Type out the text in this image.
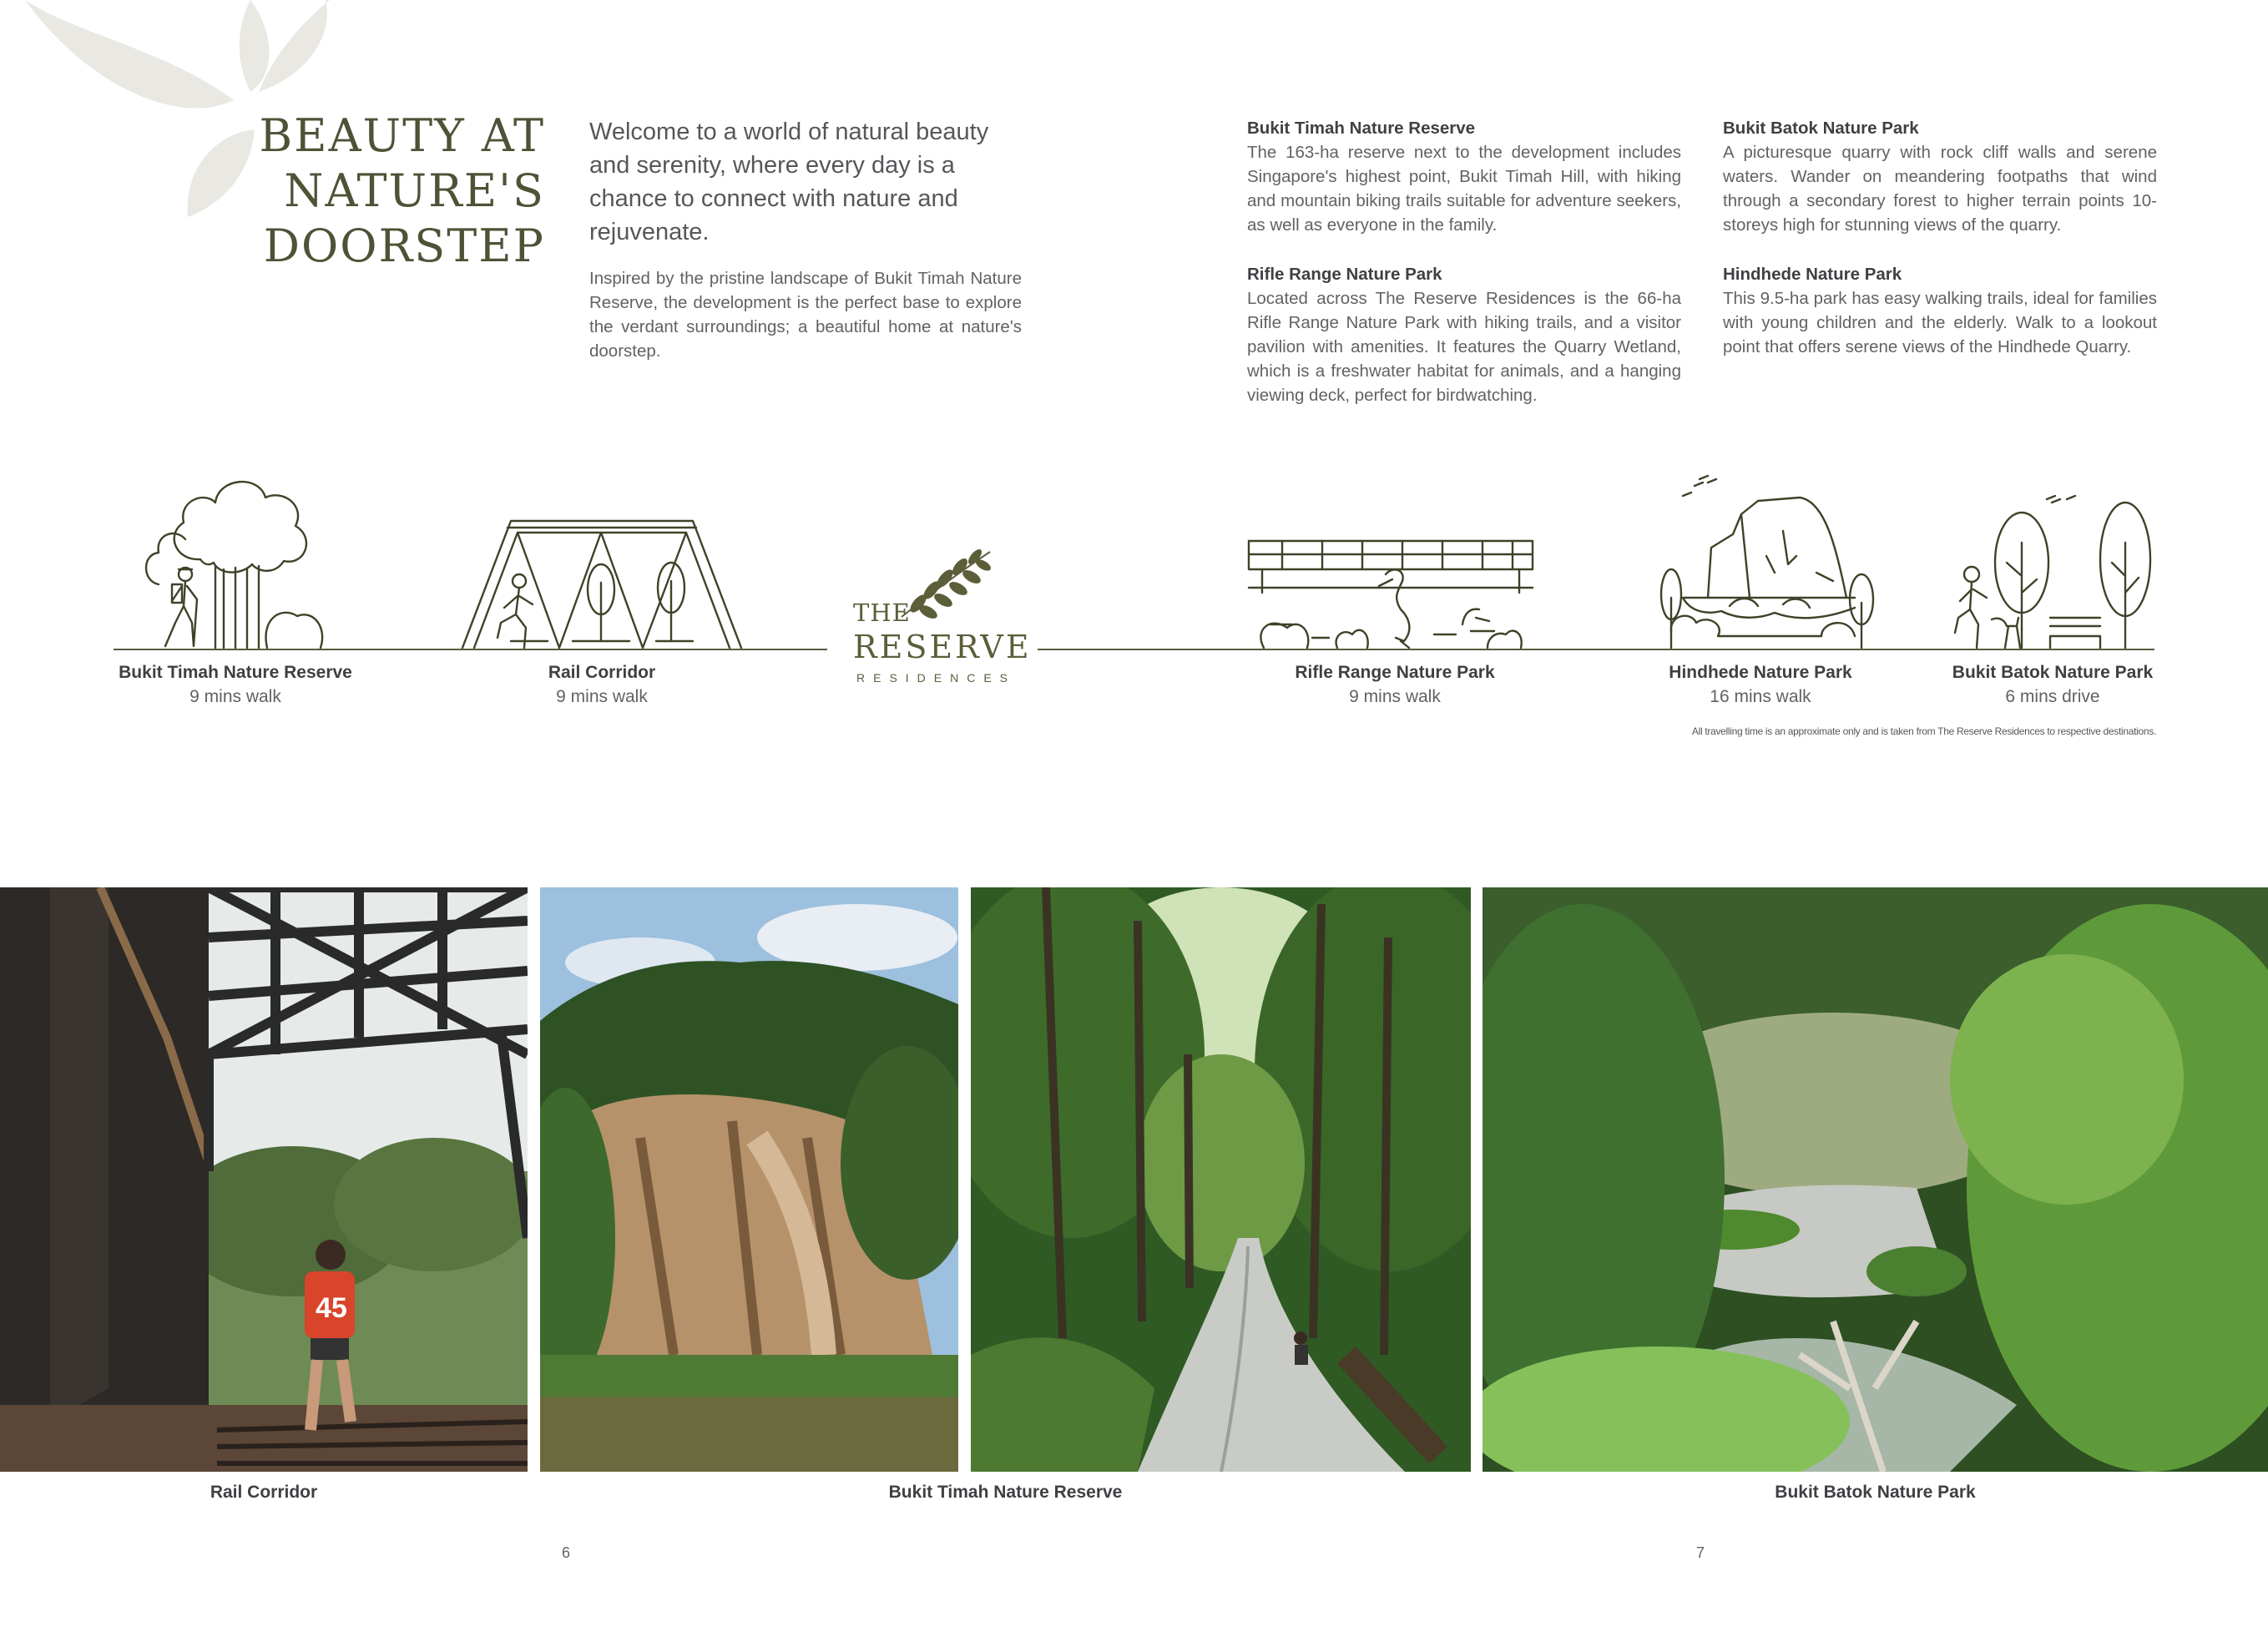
BEAUTY AT
NATURE'S
DOORSTEP

Welcome to a world of natural beauty and serenity, where every day is a chance to connect with nature and rejuvenate.

Inspired by the pristine landscape of Bukit Timah Nature Reserve, the development is the perfect base to explore the verdant surroundings; a beautiful home at nature's doorstep.

Bukit Timah Nature Reserve

The 163-ha reserve next to the development includes Singapore's highest point, Bukit Timah Hill, with hiking and mountain biking trails suitable for adventure seekers, as well as everyone in the family.

Rifle Range Nature Park

Located across The Reserve Residences is the 66-ha Rifle Range Nature Park with hiking trails, and a visitor pavilion with amenities. It features the Quarry Wetland, which is a freshwater habitat for animals, and a hanging viewing deck, perfect for birdwatching.

Bukit Batok Nature Park

A picturesque quarry with rock cliff walls and serene waters. Wander on meandering footpaths that wind through a secondary forest to higher terrain points 10-storeys high for stunning views of the quarry.

Hindhede Nature Park

This 9.5-ha park has easy walking trails, ideal for families with young children and the elderly. Walk to a lookout point that offers serene views of the Hindhede Quarry.

THE
RESERVE
RESIDENCES
Bukit Timah Nature Reserve
9 mins walk
Rail Corridor
9 mins walk
Rifle Range Nature Park
9 mins walk
Hindhede Nature Park
16 mins walk
Bukit Batok Nature Park
6 mins drive
All travelling time is an approximate only and is taken from The Reserve Residences to respective destinations.
45
Rail Corridor	Bukit Timah Nature Reserve	Bukit Batok Nature Park
6	7
